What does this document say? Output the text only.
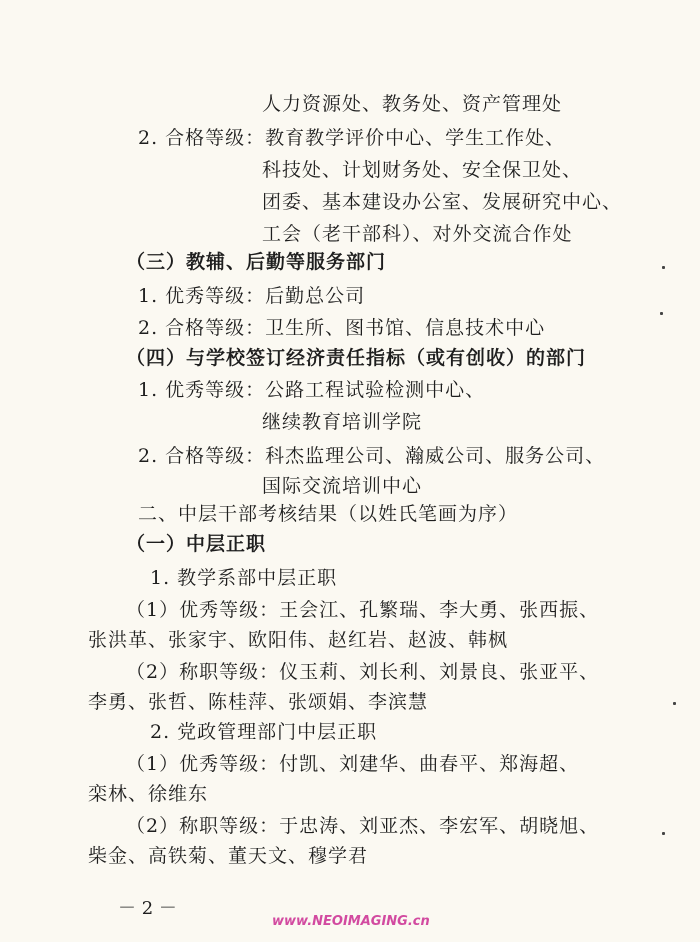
人力资源处、教务处、资产管理处
2. 合格等级：教育教学评价中心、学生工作处、
科技处、计划财务处、安全保卫处、
团委、基本建设办公室、发展研究中心、
工会（老干部科）、对外交流合作处
（三）教辅、后勤等服务部门
1. 优秀等级：后勤总公司
2. 合格等级：卫生所、图书馆、信息技术中心
（四）与学校签订经济责任指标（或有创收）的部门
1. 优秀等级：公路工程试验检测中心、
继续教育培训学院
2. 合格等级：科杰监理公司、瀚威公司、服务公司、
国际交流培训中心
二、中层干部考核结果（以姓氏笔画为序）
（一）中层正职
1. 教学系部中层正职
（1）优秀等级：王会江、孔繁瑞、李大勇、张西振、
张洪革、张家宇、欧阳伟、赵红岩、赵波、韩枫
（2）称职等级：仪玉莉、刘长利、刘景良、张亚平、
李勇、张哲、陈桂萍、张颂娟、李滨慧
2. 党政管理部门中层正职
（1）优秀等级：付凯、刘建华、曲春平、郑海超、
栾林、徐维东
（2）称职等级：于忠涛、刘亚杰、李宏军、胡晓旭、
柴金、高铁菊、董天文、穆学君
－ 2 －
www.NEOIMAGING.cn
